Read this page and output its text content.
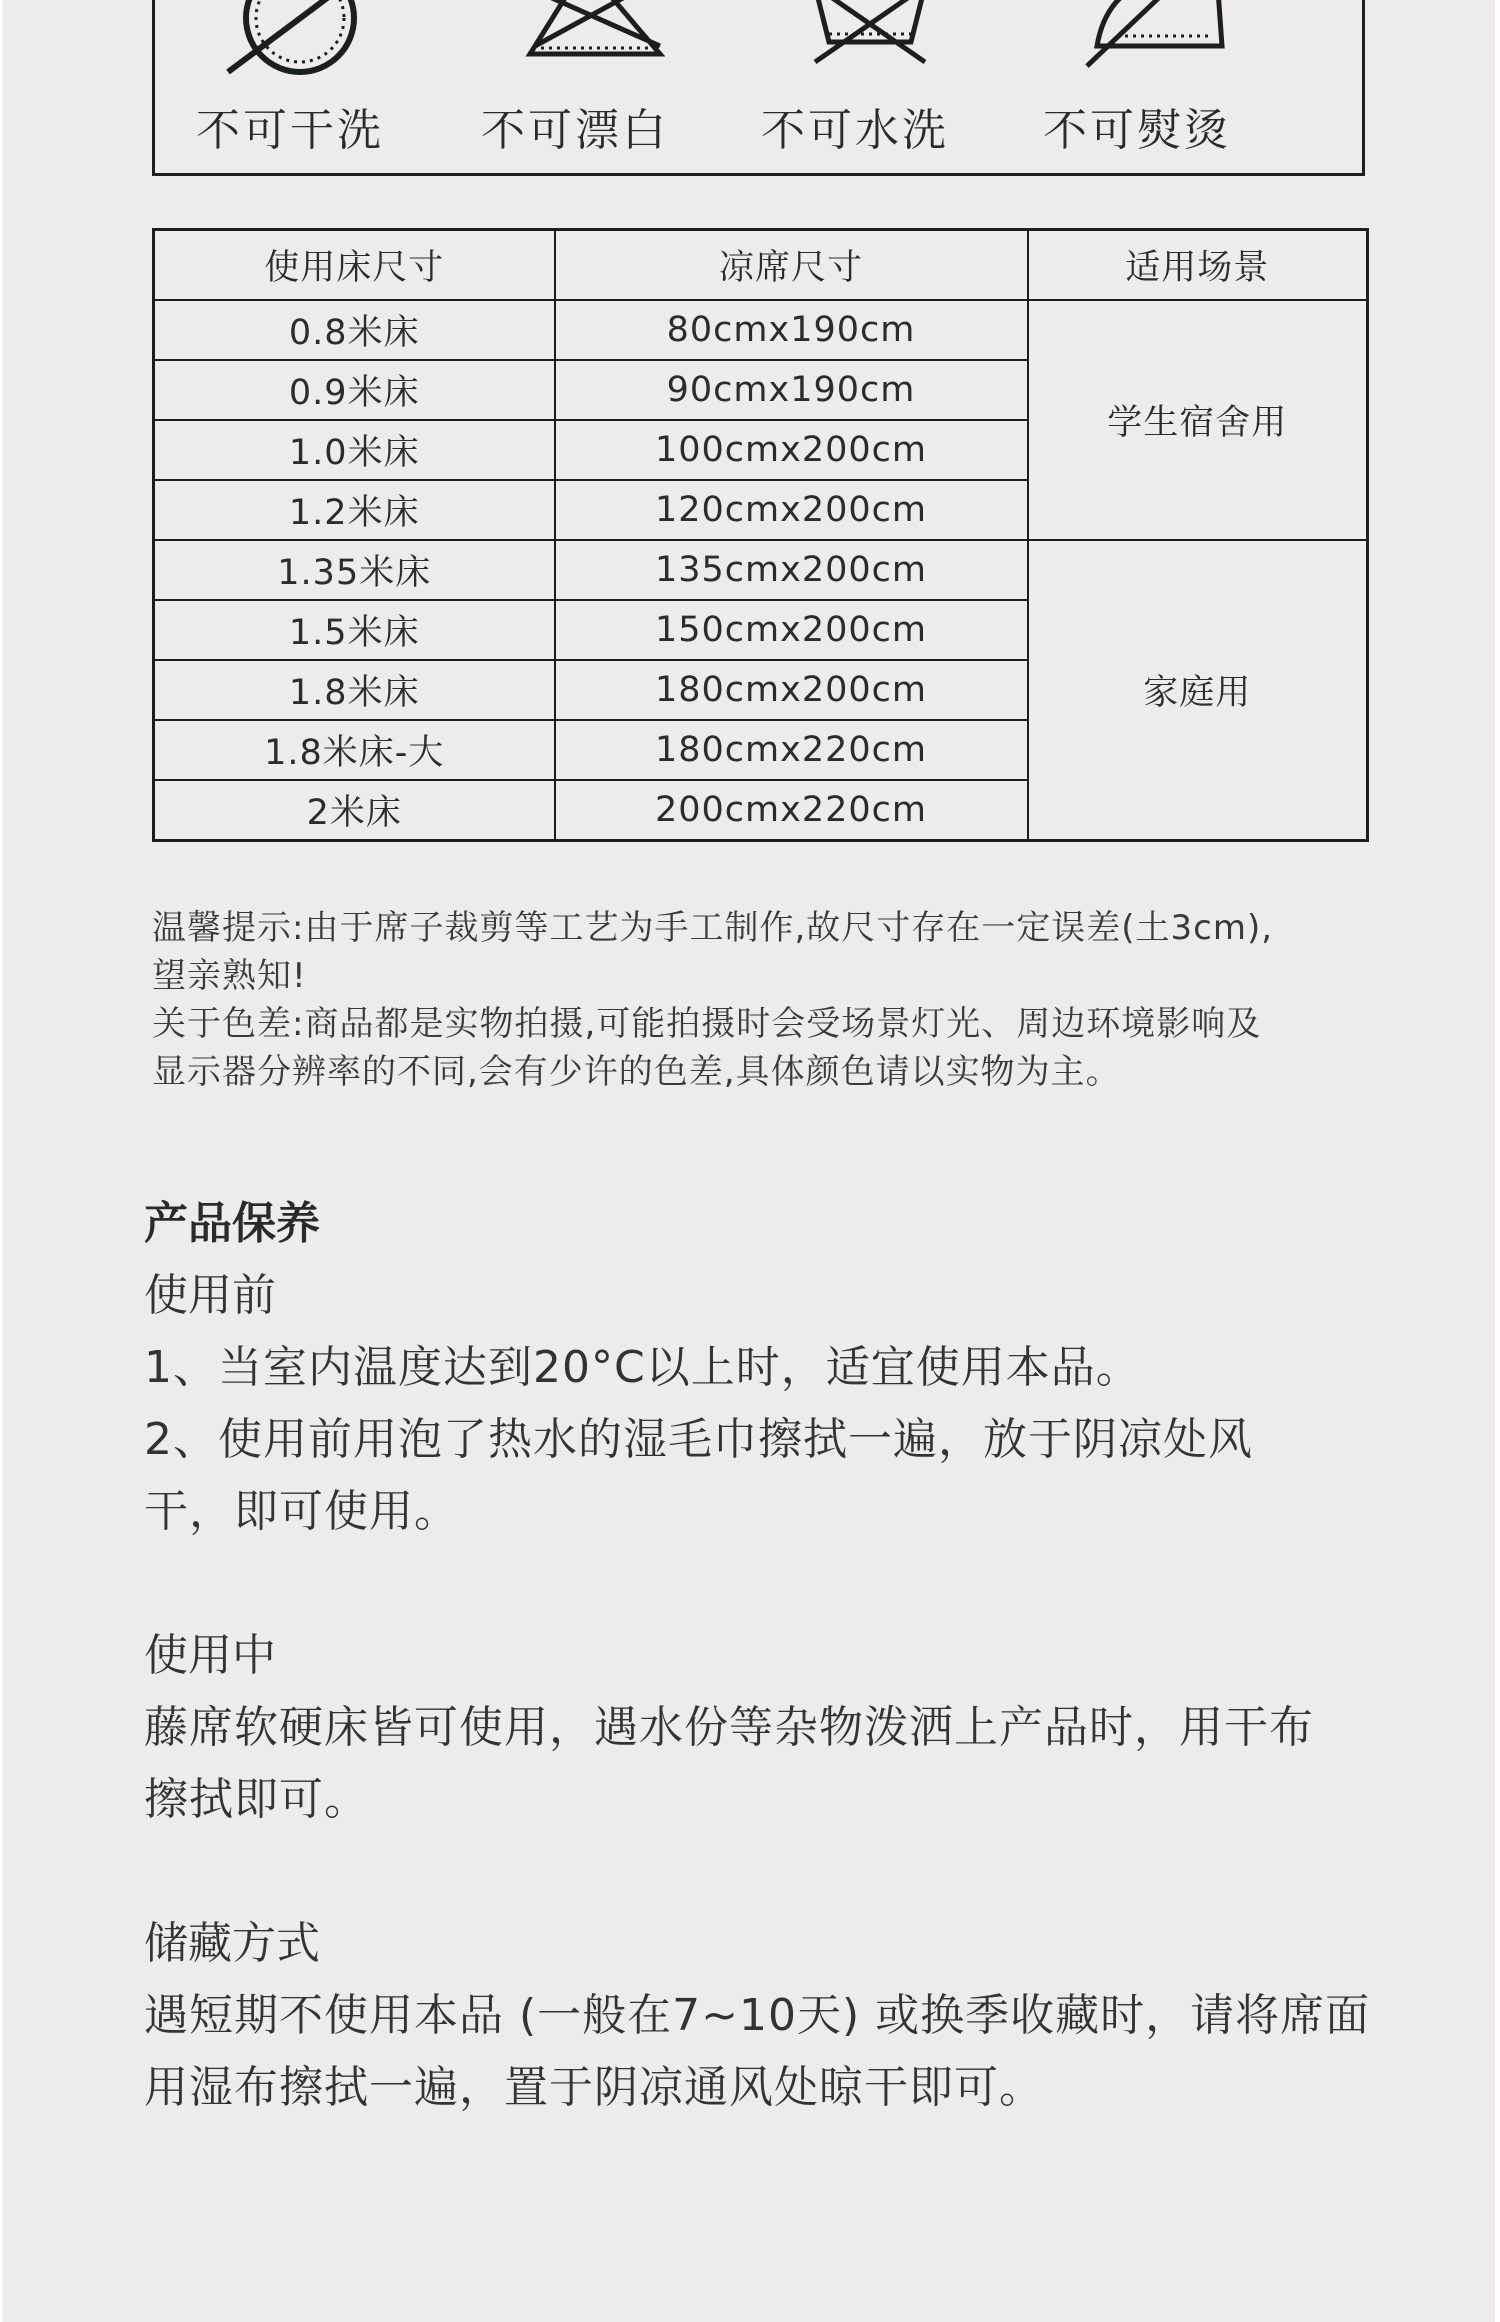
不可干洗	不可漂白	不可水洗	不可熨烫
使用床尺寸	凉席尺寸	适用场景
0.8米床	80cmx190cm	学生宿舍用
0.9米床	90cmx190cm	
1.0米床	100cmx200cm	
1.2米床	120cmx200cm	
1.35米床	135cmx200cm	家庭用
1.5米床	150cmx200cm	
1.8米床	180cmx200cm	
1.8米床-大	180cmx220cm	
2米床	200cmx220cm	

温馨提示:由于席子裁剪等工艺为手工制作,故尺寸存在一定误差(土3cm),

望亲熟知!

关于色差:商品都是实物拍摄,可能拍摄时会受场景灯光、周边环境影响及

显示器分辨率的不同,会有少许的色差,具体颜色请以实物为主。

产品保养

使用前

1、当室内温度达到20°C以上时，适宜使用本品。

2、使用前用泡了热水的湿毛巾擦拭一遍，放于阴凉处风

干，即可使用。

使用中

藤席软硬床皆可使用，遇水份等杂物泼洒上产品时，用干布

擦拭即可。

储藏方式

遇短期不使用本品 (一般在7~10天) 或换季收藏时，请将席面

用湿布擦拭一遍，置于阴凉通风处晾干即可。
